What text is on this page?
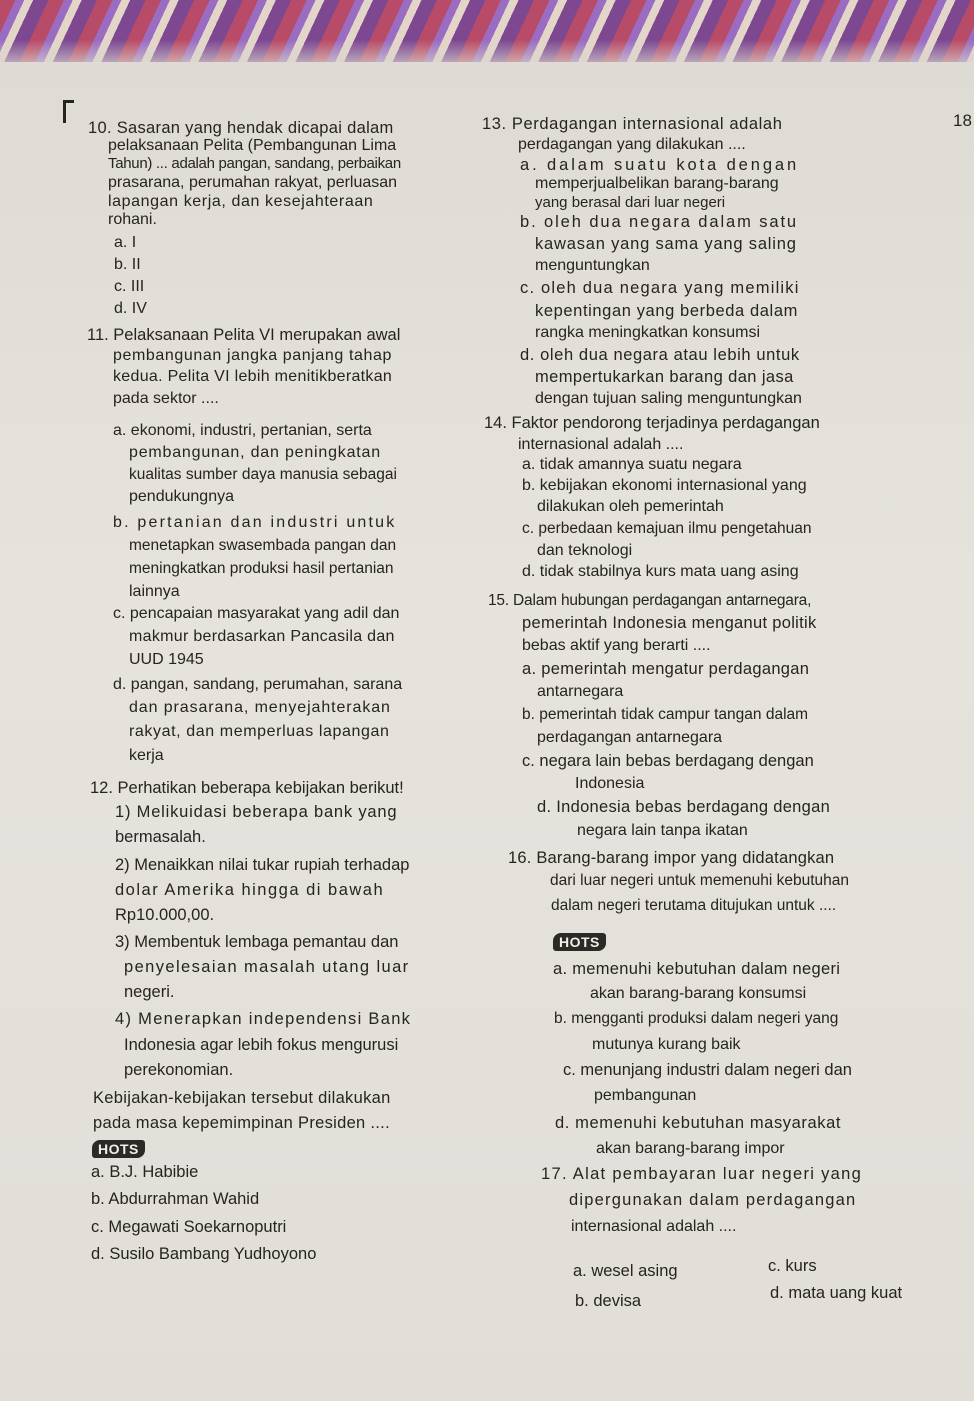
18
10. Sasaran yang hendak dicapai dalam
pelaksanaan Pelita (Pembangunan Lima
Tahun) ... adalah pangan, sandang, perbaikan
prasarana, perumahan rakyat, perluasan
lapangan kerja, dan kesejahteraan
rohani.
a. I
b. II
c. III
d. IV
11. Pelaksanaan Pelita VI merupakan awal
pembangunan jangka panjang tahap
kedua. Pelita VI lebih menitikberatkan
pada sektor ....
a. ekonomi, industri, pertanian, serta
pembangunan, dan peningkatan
kualitas sumber daya manusia sebagai
pendukungnya
b. pertanian dan industri untuk
menetapkan swasembada pangan dan
meningkatkan produksi hasil pertanian
lainnya
c. pencapaian masyarakat yang adil dan
makmur berdasarkan Pancasila dan
UUD 1945
d. pangan, sandang, perumahan, sarana
dan prasarana, menyejahterakan
rakyat, dan memperluas lapangan
kerja
12. Perhatikan beberapa kebijakan berikut!
1) Melikuidasi beberapa bank yang
bermasalah.
2) Menaikkan nilai tukar rupiah terhadap
dolar Amerika hingga di bawah
Rp10.000,00.
3) Membentuk lembaga pemantau dan
penyelesaian masalah utang luar
negeri.
4) Menerapkan independensi Bank
Indonesia agar lebih fokus mengurusi
perekonomian.
Kebijakan-kebijakan tersebut dilakukan
pada masa kepemimpinan Presiden ....
HOTS
a. B.J. Habibie
b. Abdurrahman Wahid
c. Megawati Soekarnoputri
d. Susilo Bambang Yudhoyono
13. Perdagangan internasional adalah
perdagangan yang dilakukan ....
a. dalam suatu kota dengan
memperjualbelikan barang-barang
yang berasal dari luar negeri
b. oleh dua negara dalam satu
kawasan yang sama yang saling
menguntungkan
c. oleh dua negara yang memiliki
kepentingan yang berbeda dalam
rangka meningkatkan konsumsi
d. oleh dua negara atau lebih untuk
mempertukarkan barang dan jasa
dengan tujuan saling menguntungkan
14. Faktor pendorong terjadinya perdagangan
internasional adalah ....
a. tidak amannya suatu negara
b. kebijakan ekonomi internasional yang
dilakukan oleh pemerintah
c. perbedaan kemajuan ilmu pengetahuan
dan teknologi
d. tidak stabilnya kurs mata uang asing
15. Dalam hubungan perdagangan antarnegara,
pemerintah Indonesia menganut politik
bebas aktif yang berarti ....
a. pemerintah mengatur perdagangan
antarnegara
b. pemerintah tidak campur tangan dalam
perdagangan antarnegara
c. negara lain bebas berdagang dengan
Indonesia
d. Indonesia bebas berdagang dengan
negara lain tanpa ikatan
16. Barang-barang impor yang didatangkan
dari luar negeri untuk memenuhi kebutuhan
dalam negeri terutama ditujukan untuk ....
HOTS
a. memenuhi kebutuhan dalam negeri
akan barang-barang konsumsi
b. mengganti produksi dalam negeri yang
mutunya kurang baik
c. menunjang industri dalam negeri dan
pembangunan
d. memenuhi kebutuhan masyarakat
akan barang-barang impor
17. Alat pembayaran luar negeri yang
dipergunakan dalam perdagangan
internasional adalah ....
a. wesel asing	c. kurs
b. devisa	d. mata uang kuat
